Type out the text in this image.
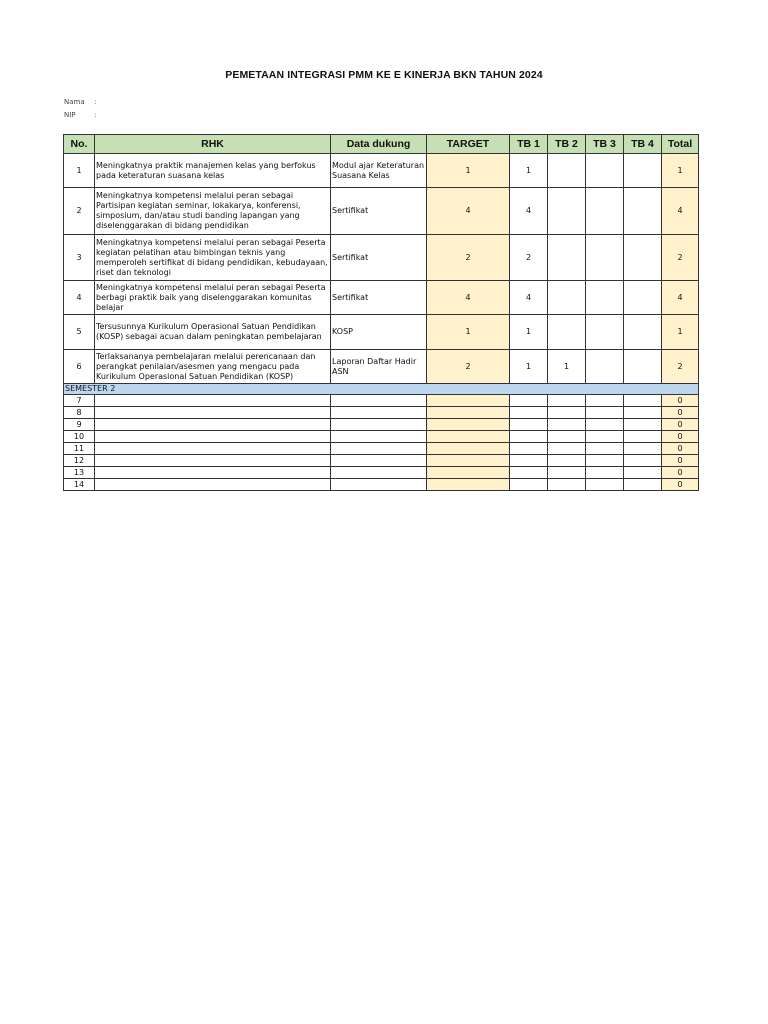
PEMETAAN INTEGRASI PMM KE E KINERJA BKN TAHUN 2024
Nama :
NIP	:
No.	RHK	Data dukung	TARGET	TB 1	TB 2	TB 3	TB 4	Total
1	Meningkatnya praktik manajemen kelas yang berfokus pada keteraturan suasana kelas	Modul ajar Keteraturan Suasana Kelas	1	1				1
2	Meningkatnya kompetensi melalui peran sebagai Partisipan kegiatan seminar, lokakarya, konferensi, simposium, dan/atau studi banding lapangan yang diselenggarakan di bidang pendidikan	Sertifikat	4	4				4
3	Meningkatnya kompetensi melalui peran sebagai Peserta kegiatan pelatihan atau bimbingan teknis yang memperoleh sertifikat di bidang pendidikan, kebudayaan, riset dan teknologi	Sertifikat	2	2				2
4	Meningkatnya kompetensi melalui peran sebagai Peserta berbagi praktik baik yang diselenggarakan komunitas belajar	Sertifikat	4	4				4
5	Tersusunnya Kurikulum Operasional Satuan Pendidikan (KOSP) sebagai acuan dalam peningkatan pembelajaran	KOSP	1	1				1
6	Terlaksananya pembelajaran melalui perencanaan dan perangkat penilaian/asesmen yang mengacu pada Kurikulum Operasional Satuan Pendidikan (KOSP)	Laporan Daftar Hadir ASN	2	1	1			2
SEMESTER 2								
7								0
8								0
9								0
10								0
11								0
12								0
13								0
14								0
